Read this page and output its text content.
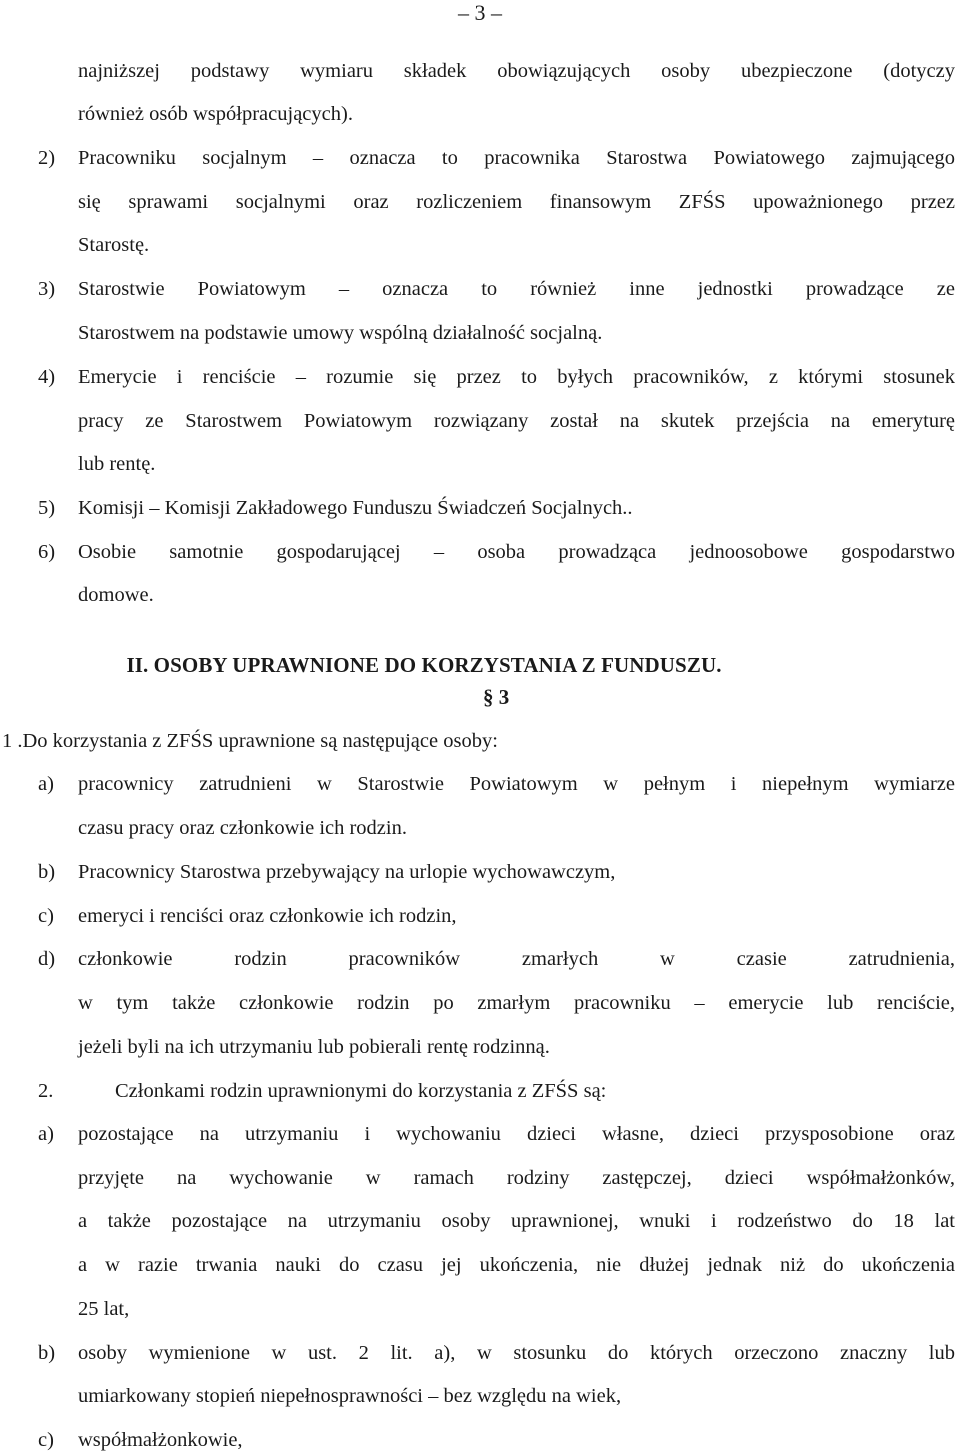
– 3 –
najniższej podstawy wymiaru składek obowiązujących osoby ubezpieczone (dotyczy
również osób współpracujących).
2) Pracowniku socjalnym – oznacza to pracownika Starostwa Powiatowego zajmującego
się sprawami socjalnymi oraz rozliczeniem finansowym ZFŚS upoważnionego przez
Starostę.
3) Starostwie Powiatowym – oznacza to również inne jednostki prowadzące ze
Starostwem na podstawie umowy wspólną działalność socjalną.
4) Emerycie i renciście – rozumie się przez to byłych pracowników, z którymi stosunek
pracy ze Starostwem Powiatowym rozwiązany został na skutek przejścia na emeryturę
lub rentę.
5) Komisji – Komisji Zakładowego Funduszu Świadczeń Socjalnych..
6) Osobie samotnie gospodarującej – osoba prowadząca jednoosobowe gospodarstwo
domowe.
II. OSOBY UPRAWNIONE DO KORZYSTANIA Z FUNDUSZU.
§ 3
1 .Do korzystania z ZFŚS uprawnione są następujące osoby:
a) pracownicy zatrudnieni w Starostwie Powiatowym w pełnym i niepełnym wymiarze
czasu pracy oraz członkowie ich rodzin.
b) Pracownicy Starostwa przebywający na urlopie wychowawczym,
c) emeryci i renciści oraz członkowie ich rodzin,
d) członkowie rodzin pracowników zmarłych w czasie zatrudnienia,
w tym także członkowie rodzin po zmarłym pracowniku – emerycie lub renciście,
jeżeli byli na ich utrzymaniu lub pobierali rentę rodzinną.
2.	Członkami rodzin uprawnionymi do korzystania z ZFŚS są:
a) pozostające na utrzymaniu i wychowaniu dzieci własne, dzieci przysposobione oraz
przyjęte na wychowanie w ramach rodziny zastępczej, dzieci współmałżonków,
a także pozostające na utrzymaniu osoby uprawnionej, wnuki i rodzeństwo do 18 lat
a w razie trwania nauki do czasu jej ukończenia, nie dłużej jednak niż do ukończenia
25 lat,
b) osoby wymienione w ust. 2 lit. a), w stosunku do których orzeczono znaczny lub
umiarkowany stopień niepełnosprawności – bez względu na wiek,
c) współmałżonkowie,
